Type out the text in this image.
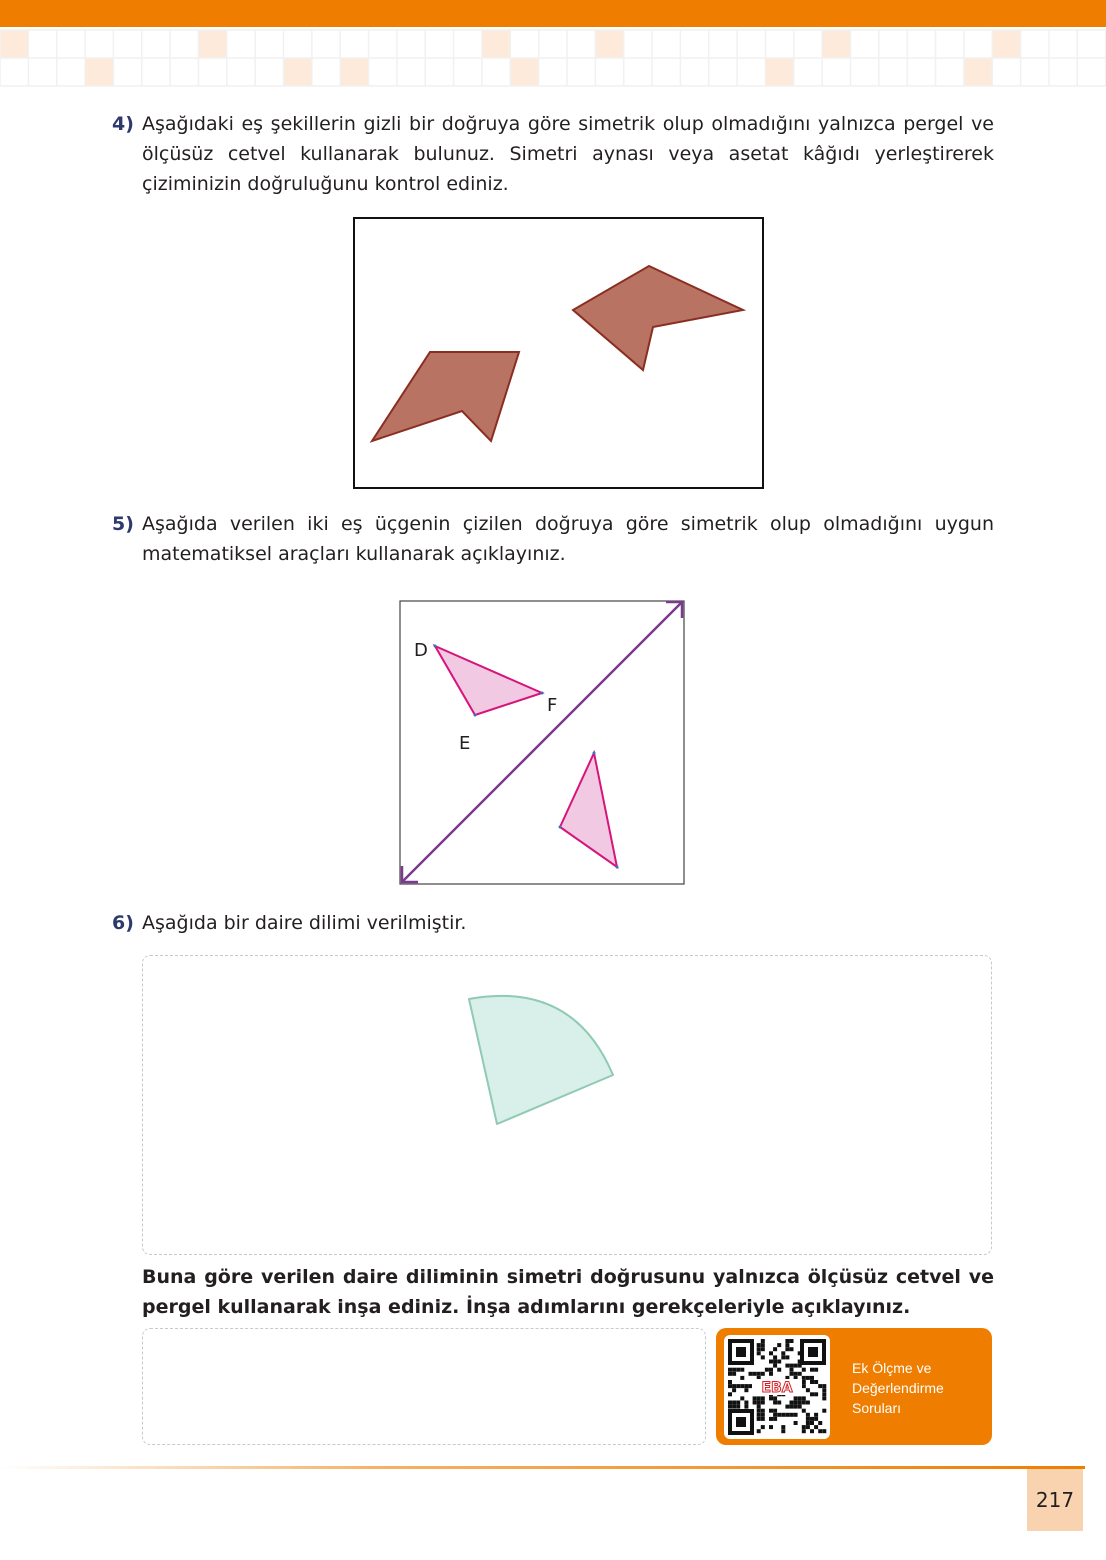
4) Aşağıdaki eş şekillerin gizli bir doğruya göre simetrik olup olmadığını yalnızca pergel ve ölçüsüz cetvel kullanarak bulunuz. Simetri aynası veya asetat kâğıdı yerleştirerek çiziminizin doğruluğunu kontrol ediniz.
5) Aşağıda verilen iki eş üçgenin çizilen doğruya göre simetrik olup olmadığını uygun matematiksel araçları kullanarak açıklayınız.
D
E
F
6) Aşağıda bir daire dilimi verilmiştir.
Buna göre verilen daire diliminin simetri doğrusunu yalnızca ölçüsüz cetvel ve pergel kullanarak inşa ediniz. İnşa adımlarını gerekçeleriyle açıklayınız.
EBA
Ek Ölçme ve
Değerlendirme
Soruları
217
